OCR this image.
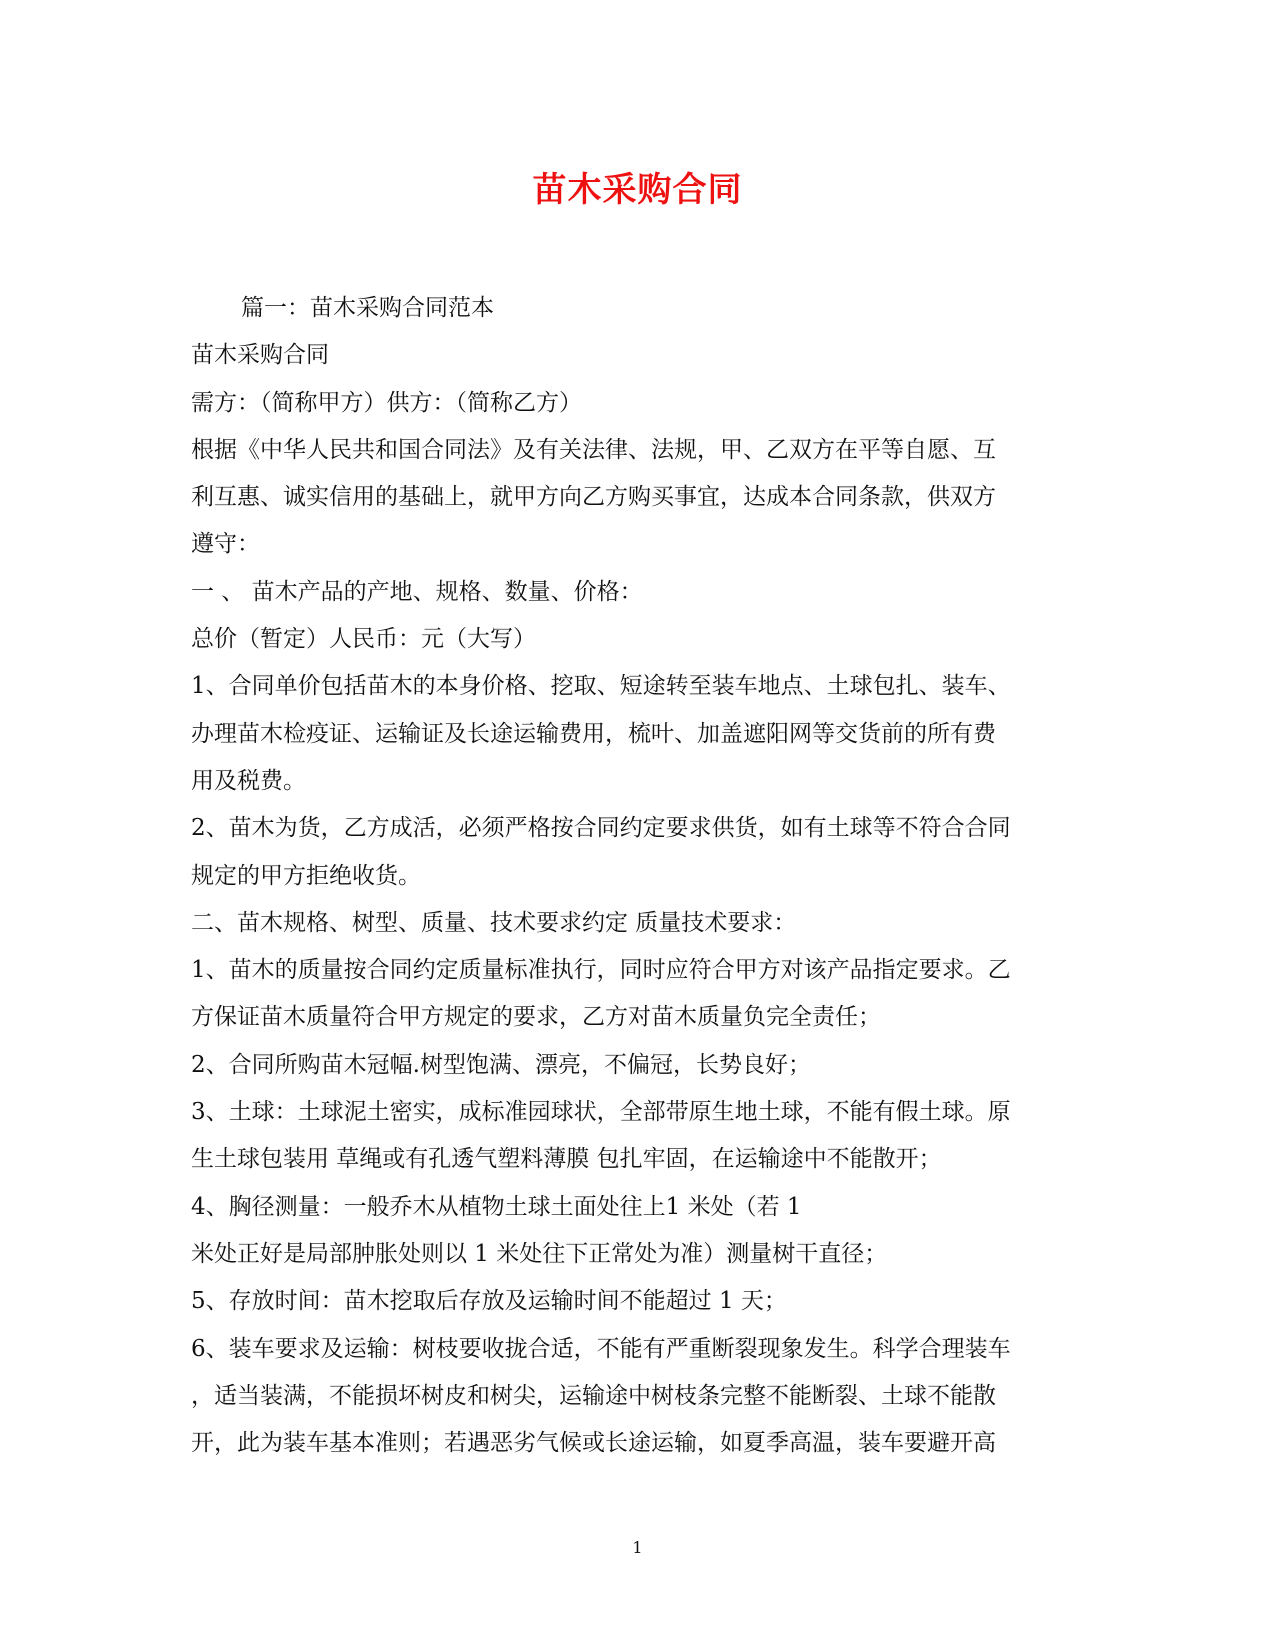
苗木采购合同
篇一：苗木采购合同范本
苗木采购合同
需方：（简称甲方）供方：（简称乙方）
根据《中华人民共和国合同法》及有关法律、法规，甲、乙双方在平等自愿、互
利互惠、诚实信用的基础上，就甲方向乙方购买事宜，达成本合同条款，供双方
遵守：
一 、 苗木产品的产地、规格、数量、价格：
总价（暂定）人民币：元（大写）
1、合同单价包括苗木的本身价格、挖取、短途转至装车地点、土球包扎、装车、
办理苗木检疫证、运输证及长途运输费用，梳叶、加盖遮阳网等交货前的所有费
用及税费。
2、苗木为货，乙方成活，必须严格按合同约定要求供货，如有土球等不符合合同
规定的甲方拒绝收货。
二、苗木规格、树型、质量、技术要求约定 质量技术要求：
1、苗木的质量按合同约定质量标准执行，同时应符合甲方对该产品指定要求。乙
方保证苗木质量符合甲方规定的要求，乙方对苗木质量负完全责任；
2、合同所购苗木冠幅.树型饱满、漂亮，不偏冠，长势良好；
3、土球：土球泥土密实，成标准园球状，全部带原生地土球，不能有假土球。原
生土球包装用 草绳或有孔透气塑料薄膜 包扎牢固，在运输途中不能散开；
4、胸径测量：一般乔木从植物土球土面处往上1 米处（若 1
米处正好是局部肿胀处则以 1 米处往下正常处为准）测量树干直径；
5、存放时间：苗木挖取后存放及运输时间不能超过 1 天；
6、装车要求及运输：树枝要收拢合适，不能有严重断裂现象发生。科学合理装车
，适当装满，不能损坏树皮和树尖，运输途中树枝条完整不能断裂、土球不能散
开，此为装车基本准则；若遇恶劣气候或长途运输，如夏季高温，装车要避开高
1
